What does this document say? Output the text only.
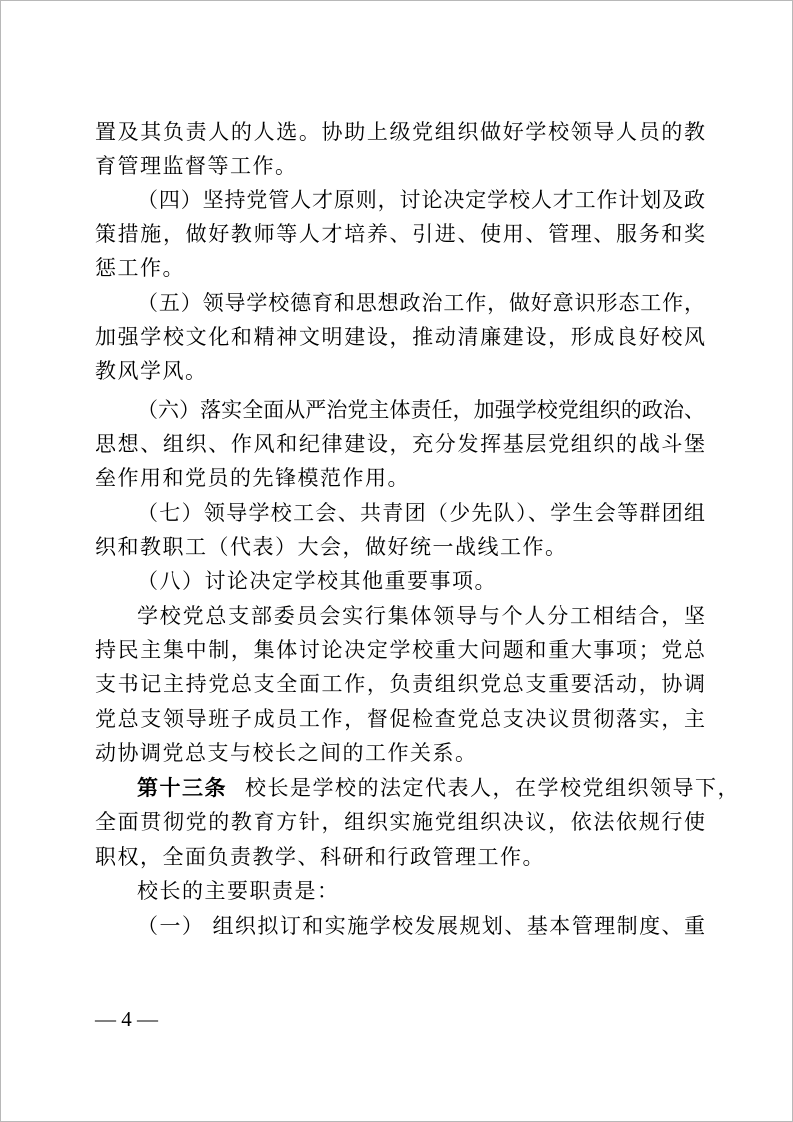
置及其负责人的人选。协助上级党组织做好学校领导人员的教

育管理监督等工作。

（四）坚持党管人才原则，讨论决定学校人才工作计划及政

策措施，做好教师等人才培养、引进、使用、管理、服务和奖

惩工作。

（五）领导学校德育和思想政治工作，做好意识形态工作，

加强学校文化和精神文明建设，推动清廉建设，形成良好校风

教风学风。

（六）落实全面从严治党主体责任，加强学校党组织的政治、

思想、组织、作风和纪律建设，充分发挥基层党组织的战斗堡

垒作用和党员的先锋模范作用。

（七）领导学校工会、共青团（少先队）、学生会等群团组

织和教职工（代表）大会，做好统一战线工作。

（八）讨论决定学校其他重要事项。

学校党总支部委员会实行集体领导与个人分工相结合，坚

持民主集中制，集体讨论决定学校重大问题和重大事项；党总

支书记主持党总支全面工作，负责组织党总支重要活动，协调

党总支领导班子成员工作，督促检查党总支决议贯彻落实，主

动协调党总支与校长之间的工作关系。

第十三条 校长是学校的法定代表人，在学校党组织领导下，

全面贯彻党的教育方针，组织实施党组织决议，依法依规行使

职权，全面负责教学、科研和行政管理工作。

校长的主要职责是：

（一） 组织拟订和实施学校发展规划、基本管理制度、重

— 4 —
